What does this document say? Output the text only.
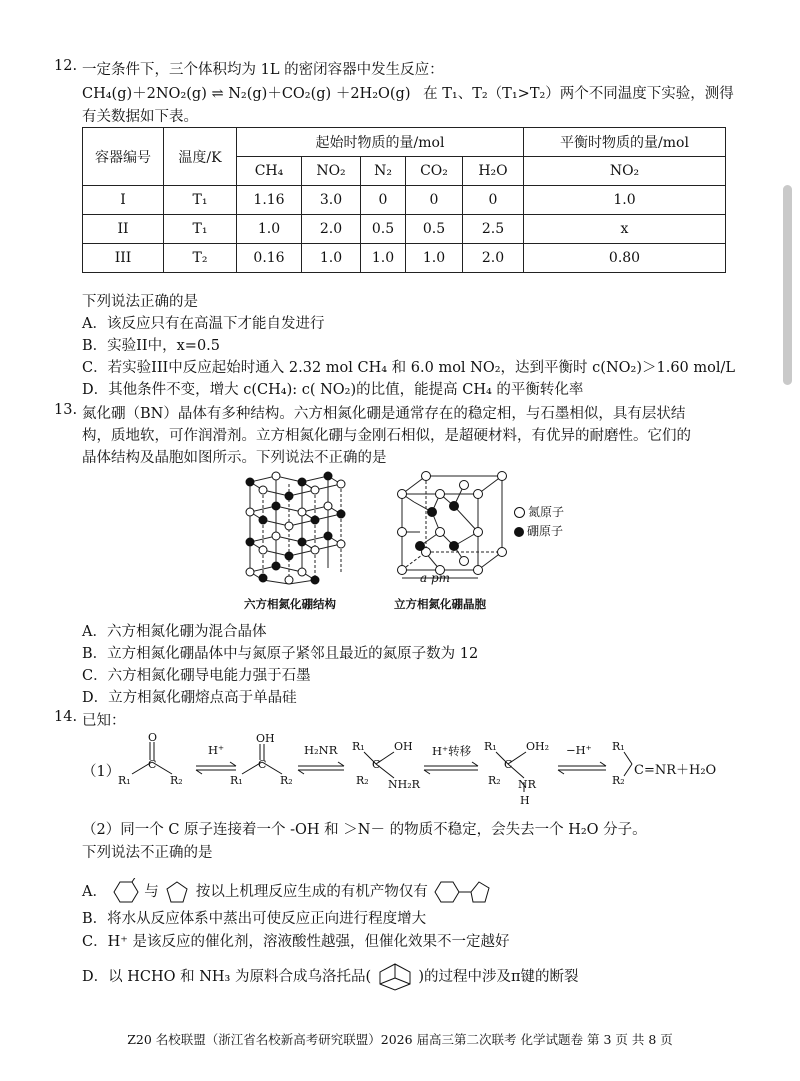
12. 一定条件下，三个体积均为 1L 的密闭容器中发生反应：
CH₄(g)＋2NO₂(g) ⇌ N₂(g)＋CO₂(g) ＋2H₂O(g) 在 T₁、T₂（T₁>T₂）两个不同温度下实验，测得
有关数据如下表。
容器编号	温度/K	起始时物质的量/mol					平衡时物质的量/mol
		CH₄	NO₂	N₂	CO₂	H₂O	NO₂
I	T₁	1.16	3.0	0	0	0	1.0
II	T₁	1.0	2.0	0.5	0.5	2.5	x
III	T₂	0.16	1.0	1.0	1.0	2.0	0.80
下列说法正确的是
A．该反应只有在高温下才能自发进行
B．实验II中，x=0.5
C．若实验III中反应起始时通入 2.32 mol CH₄ 和 6.0 mol NO₂，达到平衡时 c(NO₂)＞1.60 mol/L
D．其他条件不变，增大 c(CH₄): c( NO₂)的比值，能提高 CH₄ 的平衡转化率
13. 氮化硼（BN）晶体有多种结构。六方相氮化硼是通常存在的稳定相，与石墨相似，具有层状结
构，质地软，可作润滑剂。立方相氮化硼与金刚石相似，是超硬材料，有优异的耐磨性。它们的
晶体结构及晶胞如图所示。下列说法不正确的是
六方相氮化硼结构
a pm
立方相氮化硼晶胞
氮原子
硼原子
A．六方相氮化硼为混合晶体
B．立方相氮化硼晶体中与氮原子紧邻且最近的氮原子数为 12
C．六方相氮化硼导电能力强于石墨
D．立方相氮化硼熔点高于单晶硅
14. 已知：
（1）
O
C
R₁	R₂
OH
C
R₁	R₂
R₁
C
OH
R₂ NH₂R
R₁
C
OH₂
R₂ NR
H
R₁
R₂
H⁺	H₂NR	H⁺转移	−H⁺
C=NR＋H₂O
（2）同一个 C 原子连接着一个 -OH 和 ＞N－ 的物质不稳定，会失去一个 H₂O 分子。
下列说法不正确的是
A．	与	按以上机理反应生成的有机产物仅有
B．将水从反应体系中蒸出可使反应正向进行程度增大
C．H⁺ 是该反应的催化剂，溶液酸性越强，但催化效果不一定越好
D．以 HCHO 和 NH₃ 为原料合成乌洛托品(	)的过程中涉及π键的断裂
Z20 名校联盟（浙江省名校新高考研究联盟）2026 届高三第二次联考 化学试题卷 第 3 页 共 8 页
